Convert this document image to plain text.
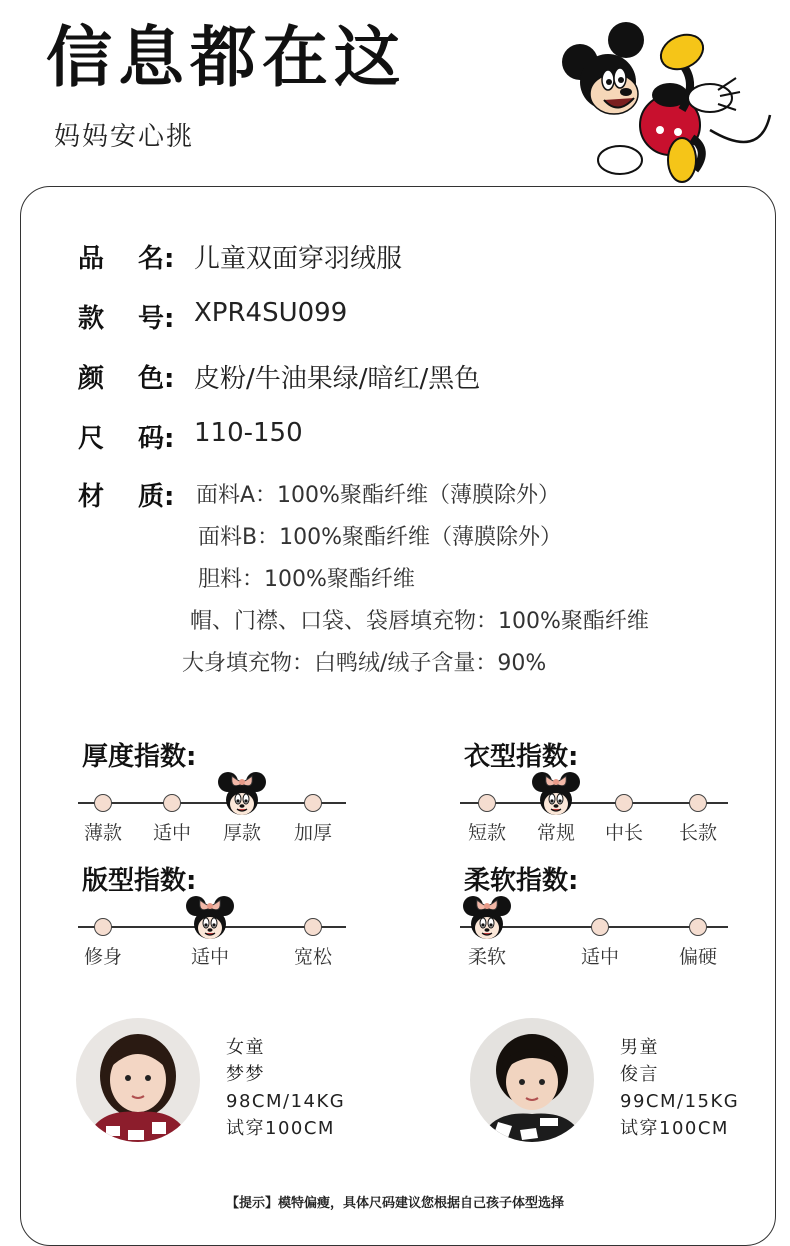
信息都在这
妈妈安心挑
品 名: 儿童双面穿羽绒服
款 号: XPR4SU099
颜 色: 皮粉/牛油果绿/暗红/黑色
尺 码: 110-150
材 质: 面料A：100%聚酯纤维（薄膜除外）
面料B：100%聚酯纤维（薄膜除外）
胆料：100%聚酯纤维
帽、门襟、口袋、袋唇填充物：100%聚酯纤维
大身填充物：白鸭绒/绒子含量：90%
厚度指数:	衣型指数:
版型指数:	柔软指数:
薄款 适中 厚款 加厚	短款 常规 中长 长款
修身	适中	宽松	柔软	适中	偏硬
女童
梦梦
98CM/14KG
试穿100CM
男童
俊言
99CM/15KG
试穿100CM
【提示】模特偏瘦，具体尺码建议您根据自己孩子体型选择
